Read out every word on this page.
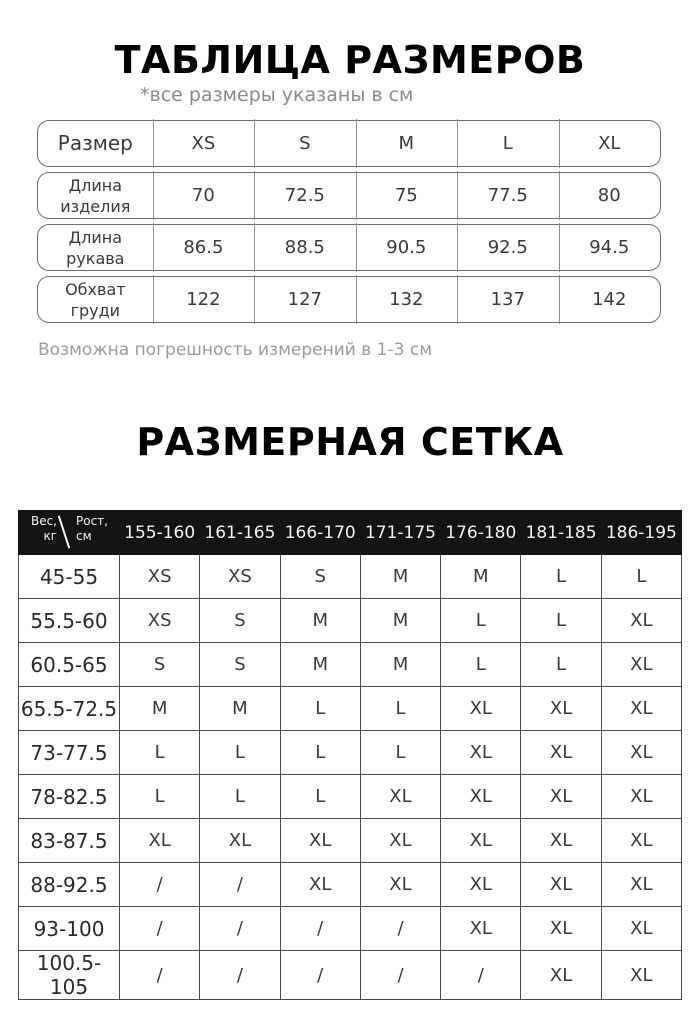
ТАБЛИЦА РАЗМЕРОВ
*все размеры указаны в см
Размер	XS	S	M	L	XL
Длина изделия	70	72.5	75	77.5	80
Длина рукава	86.5	88.5	90.5	92.5	94.5
Обхват груди	122	127	132	137	142
Возможна погрешность измерений в 1-3 см
РАЗМЕРНАЯ СЕТКА
Вес, кг
Рост, см	155-160	161-165	166-170	171-175	176-180	181-185	186-195
45-55	XS	XS	S	M	M	L	L
55.5-60	XS	S	M	M	L	L	XL
60.5-65	S	S	M	M	L	L	XL
65.5-72.5	M	M	L	L	XL	XL	XL
73-77.5	L	L	L	L	XL	XL	XL
78-82.5	L	L	L	XL	XL	XL	XL
83-87.5	XL	XL	XL	XL	XL	XL	XL
88-92.5	/	/	XL	XL	XL	XL	XL
93-100	/	/	/	/	XL	XL	XL
100.5-105	/	/	/	/	/	XL	XL
